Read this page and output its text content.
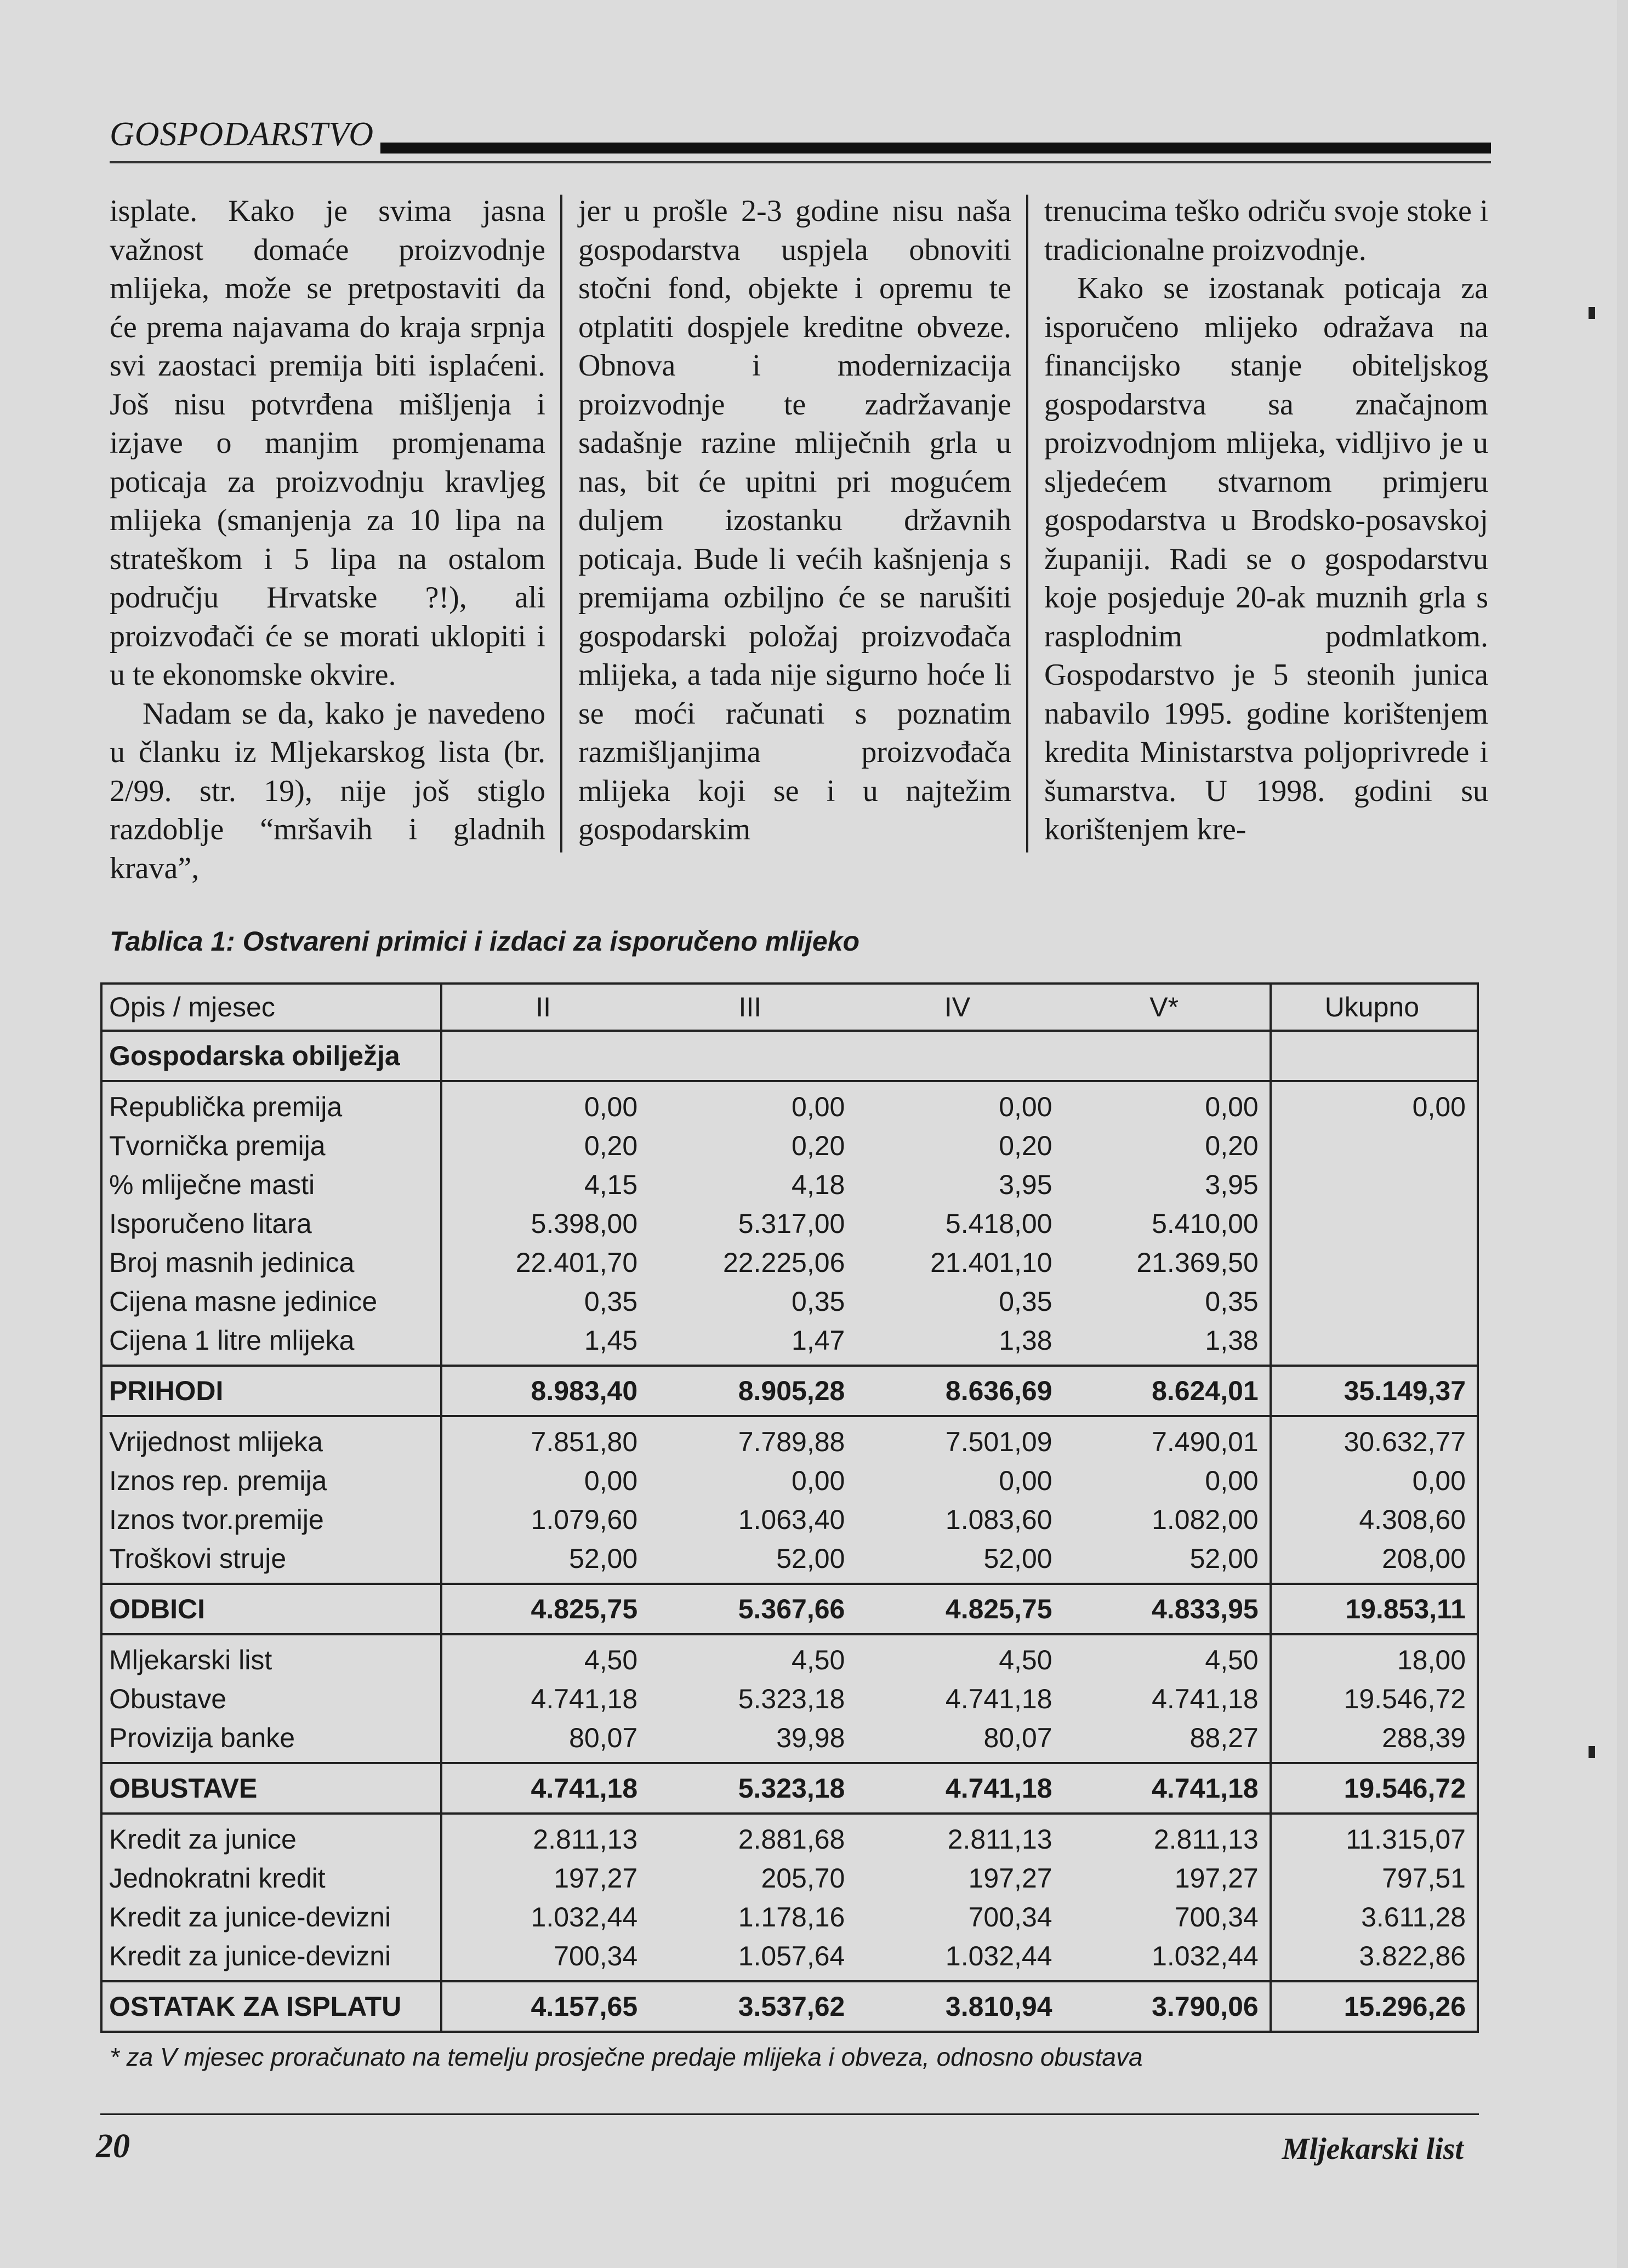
GOSPODARSTVO

isplate. Kako je svima jasna važnost domaće proizvodnje mlijeka, može se pretpostaviti da će prema najavama do kraja srpnja svi zaostaci premija biti isplaćeni. Još nisu potvrđena mišljenja i izjave o manjim promjenama poticaja za proizvodnju kravljeg mlijeka (smanjenja za 10 lipa na strateškom i 5 lipa na ostalom području Hrvatske ?!), ali proizvođači će se morati uklopiti i u te ekonomske okvire.

Nadam se da, kako je navedeno u članku iz Mljekarskog lista (br. 2/99. str. 19), nije još stiglo razdoblje “mršavih i gladnih krava”,

jer u prošle 2-3 godine nisu naša gospodarstva uspjela obnoviti stočni fond, objekte i opremu te otplatiti dospjele kreditne obveze. Obnova i modernizacija proizvodnje te zadržavanje sadašnje razine mliječnih grla u nas, bit će upitni pri mogućem duljem izostanku državnih poticaja. Bude li većih kašnjenja s premijama ozbiljno će se narušiti gospodarski položaj proizvođača mlijeka, a tada nije sigurno hoće li se moći računati s poznatim razmišljanjima proizvođača mlijeka koji se i u najtežim gospodarskim

trenucima teško odriču svoje stoke i tradicionalne proizvodnje.

Kako se izostanak poticaja za isporučeno mlijeko odražava na financijsko stanje obiteljskog gospodarstva sa značajnom proizvodnjom mlijeka, vidljivo je u sljedećem stvarnom primjeru gospodarstva u Brodsko-posavskoj županiji. Radi se o gospodarstvu koje posjeduje 20-ak muznih grla s rasplodnim podmlatkom. Gospodarstvo je 5 steonih junica nabavilo 1995. godine korištenjem kredita Ministarstva poljoprivrede i šumarstva. U 1998. godini su korištenjem kre-

Tablica 1: Ostvareni primici i izdaci za isporučeno mlijeko
Opis / mjesec	II	III	IV	V*	Ukupno
Gospodarska obilježja					
Republička premija	0,00	0,00	0,00	0,00	0,00
Tvornička premija	0,20	0,20	0,20	0,20	
% mliječne masti	4,15	4,18	3,95	3,95	
Isporučeno litara	5.398,00	5.317,00	5.418,00	5.410,00	
Broj masnih jedinica	22.401,70	22.225,06	21.401,10	21.369,50	
Cijena masne jedinice	0,35	0,35	0,35	0,35	
Cijena 1 litre mlijeka	1,45	1,47	1,38	1,38	
PRIHODI	8.983,40	8.905,28	8.636,69	8.624,01	35.149,37
Vrijednost mlijeka	7.851,80	7.789,88	7.501,09	7.490,01	30.632,77
Iznos rep. premija	0,00	0,00	0,00	0,00	0,00
Iznos tvor.premije	1.079,60	1.063,40	1.083,60	1.082,00	4.308,60
Troškovi struje	52,00	52,00	52,00	52,00	208,00
ODBICI	4.825,75	5.367,66	4.825,75	4.833,95	19.853,11
Mljekarski list	4,50	4,50	4,50	4,50	18,00
Obustave	4.741,18	5.323,18	4.741,18	4.741,18	19.546,72
Provizija banke	80,07	39,98	80,07	88,27	288,39
OBUSTAVE	4.741,18	5.323,18	4.741,18	4.741,18	19.546,72
Kredit za junice	2.811,13	2.881,68	2.811,13	2.811,13	11.315,07
Jednokratni kredit	197,27	205,70	197,27	197,27	797,51
Kredit za junice-devizni	1.032,44	1.178,16	700,34	700,34	3.611,28
Kredit za junice-devizni	700,34	1.057,64	1.032,44	1.032,44	3.822,86
OSTATAK ZA ISPLATU	4.157,65	3.537,62	3.810,94	3.790,06	15.296,26
* za V mjesec proračunato na temelju prosječne predaje mlijeka i obveza, odnosno obustava
20	Mljekarski list
